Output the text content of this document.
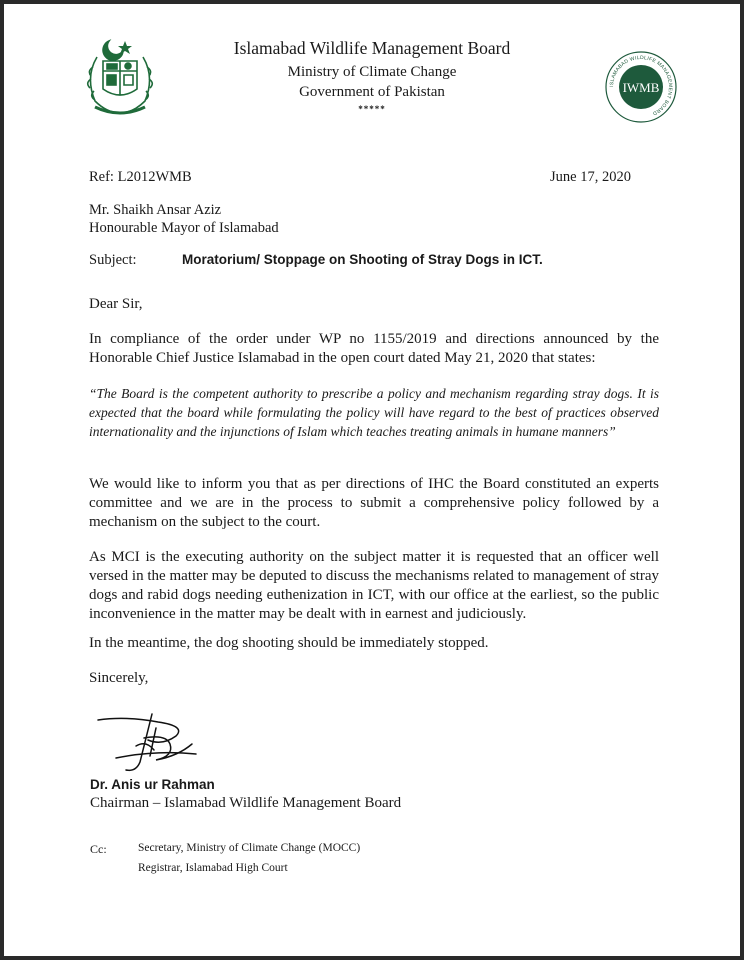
Islamabad Wildlife Management Board
Ministry of Climate Change
Government of Pakistan
*****
ISLAMABAD WILDLIFE MANAGEMENT BOARD
IWMB
Ref: L2012WMB	June 17, 2020
Mr. Shaikh Ansar Aziz
Honourable Mayor of Islamabad
Subject:	Moratorium/ Stoppage on Shooting of Stray Dogs in ICT.
Dear Sir,
In compliance of the order under WP no 1155/2019 and directions announced by the Honorable Chief Justice Islamabad in the open court dated May 21, 2020 that states:
“The Board is the competent authority to prescribe a policy and mechanism regarding stray dogs. It is expected that the board while formulating the policy will have regard to the best of practices observed internationality and the injunctions of Islam which teaches treating animals in humane manners”
We would like to inform you that as per directions of IHC the Board constituted an experts committee and we are in the process to submit a comprehensive policy followed by a mechanism on the subject to the court.
As MCI is the executing authority on the subject matter it is requested that an officer well versed in the matter may be deputed to discuss the mechanisms related to management of stray dogs and rabid dogs needing euthenization in ICT, with our office at the earliest, so the public inconvenience in the matter may be dealt with in earnest and judiciously.
In the meantime, the dog shooting should be immediately stopped.
Sincerely,
Dr. Anis ur Rahman
Chairman – Islamabad Wildlife Management Board
Cc:	Secretary, Ministry of Climate Change (MOCC)
Registrar, Islamabad High Court
